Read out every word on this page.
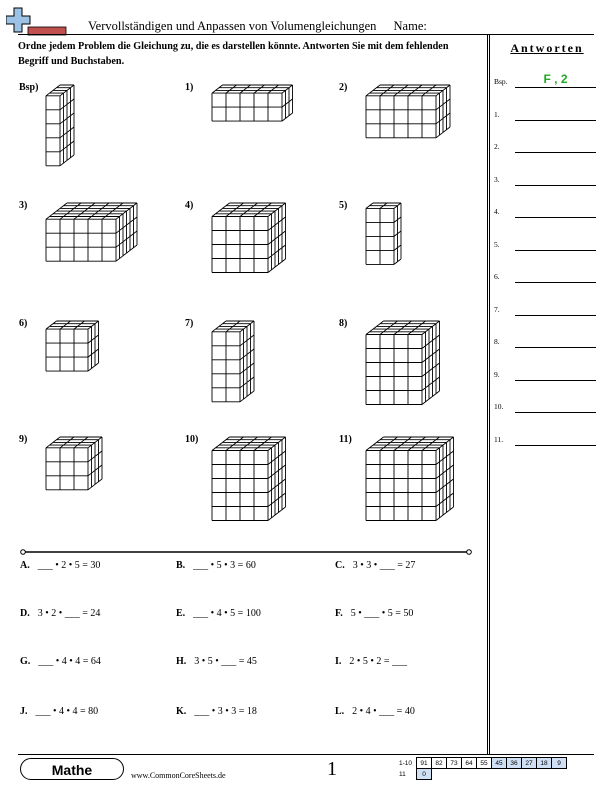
Vervollständigen und Anpassen von Volumengleichungen Name:
Ordne jedem Problem die Gleichung zu, die es darstellen könnte. Antworten Sie mit dem fehlenden Begriff und Buchstaben.
Bsp)	1)	2)
3)	4)	5)
6)	7)	8)
9)	10)	11)
Antworten
Bsp.	F , 2
1.
2.
3.
4.
5.
6.
7.
8.
9.
10.
11.
A. ___ • 2 • 5 = 30	B. ___ • 5 • 3 = 60	C. 3 • 3 • ___ = 27
D. 3 • 2 • ___ = 24	E. ___ • 4 • 5 = 100	F. 5 • ___ • 5 = 50
G. ___ • 4 • 4 = 64	H. 3 • 5 • ___ = 45	I. 2 • 5 • 2 = ___
J. ___ • 4 • 4 = 80	K. ___ • 3 • 3 = 18	L. 2 • 4 • ___ = 40
Mathe	www.CommonCoreSheets.de	1	1-10	91	82	73	64	55	45	36	27	18	9
11	0									
